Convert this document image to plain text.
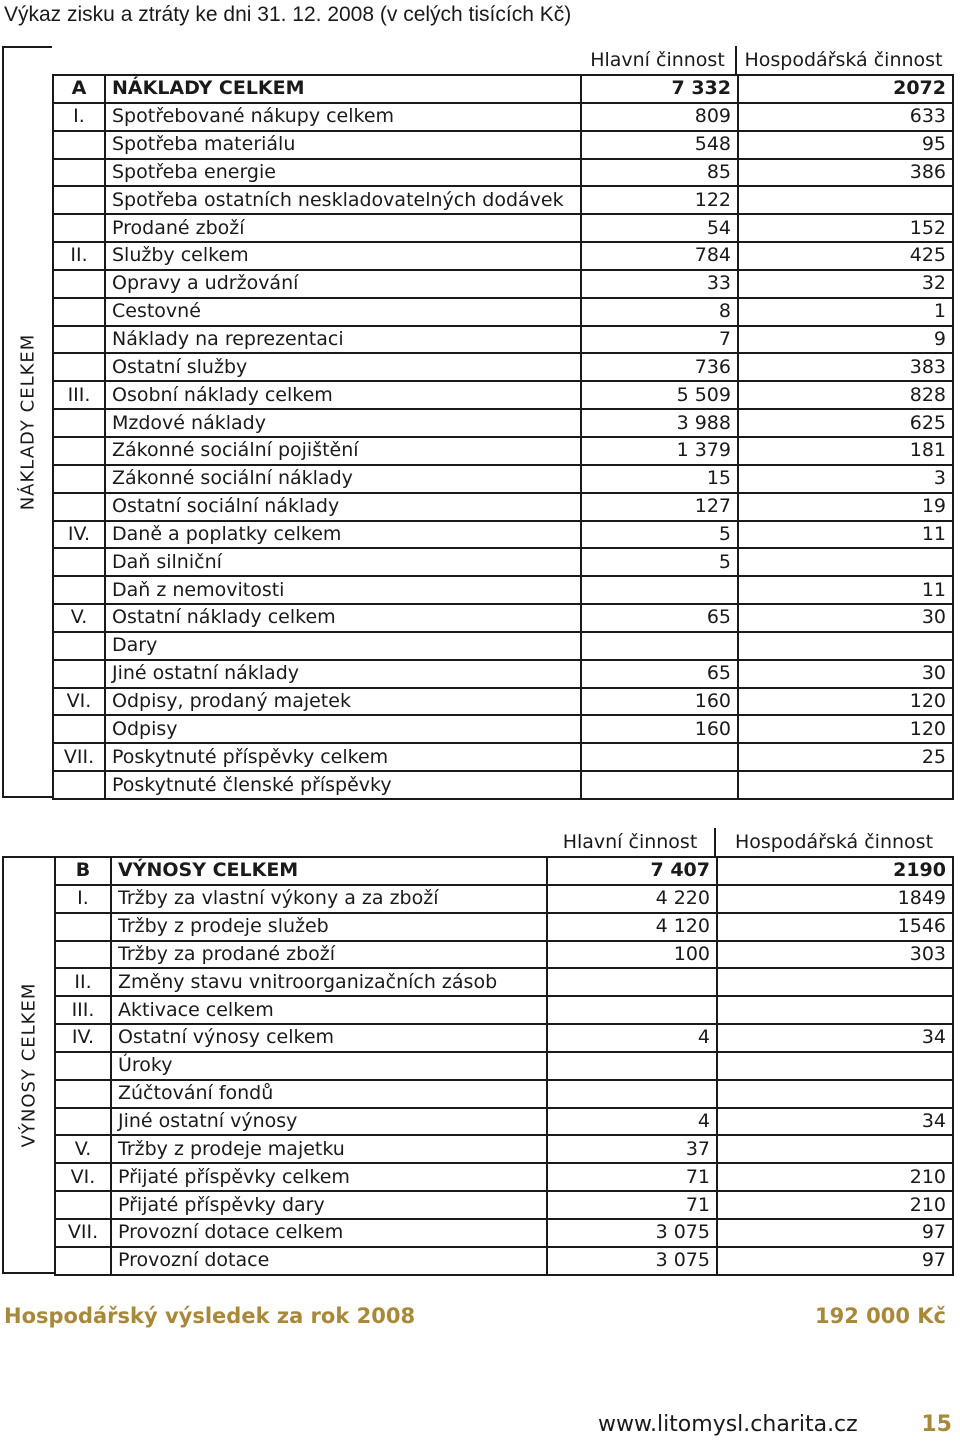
Výkaz zisku a ztráty ke dni 31. 12. 2008 (v celých tisících Kč)
Hlavní činnost	Hospodářská činnost
NÁKLADY CELKEM
A	NÁKLADY CELKEM	7 332	2072
I.	Spotřebované nákupy celkem	809	633
	Spotřeba materiálu	548	95
	Spotřeba energie	85	386
	Spotřeba ostatních neskladovatelných dodávek	122	
	Prodané zboží	54	152
II.	Služby celkem	784	425
	Opravy a udržování	33	32
	Cestovné	8	1
	Náklady na reprezentaci	7	9
	Ostatní služby	736	383
III.	Osobní náklady celkem	5 509	828
	Mzdové náklady	3 988	625
	Zákonné sociální pojištění	1 379	181
	Zákonné sociální náklady	15	3
	Ostatní sociální náklady	127	19
IV.	Daně a poplatky celkem	5	11
	Daň silniční	5	
	Daň z nemovitosti		11
V.	Ostatní náklady celkem	65	30
	Dary		
	Jiné ostatní náklady	65	30
VI.	Odpisy, prodaný majetek	160	120
	Odpisy	160	120
VII.	Poskytnuté příspěvky celkem		25
	Poskytnuté členské příspěvky		
Hlavní činnost	Hospodářská činnost
VÝNOSY CELKEM
B	VÝNOSY CELKEM	7 407	2190
I.	Tržby za vlastní výkony a za zboží	4 220	1849
	Tržby z prodeje služeb	4 120	1546
	Tržby za prodané zboží	100	303
II.	Změny stavu vnitroorganizačních zásob		
III.	Aktivace celkem		
IV.	Ostatní výnosy celkem	4	34
	Úroky		
	Zúčtování fondů		
	Jiné ostatní výnosy	4	34
V.	Tržby z prodeje majetku	37	
VI.	Přijaté příspěvky celkem	71	210
	Přijaté příspěvky dary	71	210
VII.	Provozní dotace celkem	3 075	97
	Provozní dotace	3 075	97
Hospodářský výsledek za rok 2008	192 000 Kč
www.litomysl.charita.cz	15
